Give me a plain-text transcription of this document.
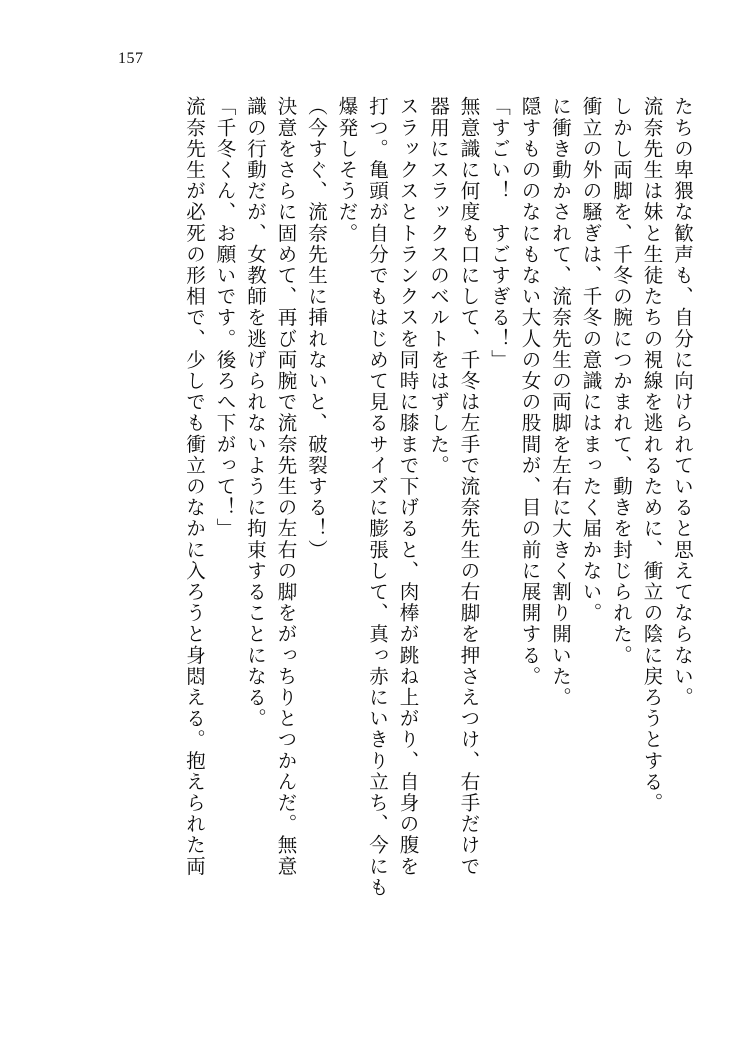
157
たちの卑猥な歓声も、自分に向けられていると思えてならない。
流奈先生は妹と生徒たちの視線を逃れるために、衝立の陰に戻ろうとする。
しかし両脚を、千冬の腕につかまれて、動きを封じられた。
衝立の外の騒ぎは、千冬の意識にはまったく届かない。
に衝き動かされて、流奈先生の両脚を左右に大きく割り開いた。
隠すもののなにもない大人の女の股間が、目の前に展開する。
「すごい！　すごすぎる！」
無意識に何度も口にして、千冬は左手で流奈先生の右脚を押さえつけ、右手だけで
器用にスラックスのベルトをはずした。
スラックスとトランクスを同時に膝まで下げると、肉棒が跳ね上がり、自身の腹を
打つ。亀頭が自分でもはじめて見るサイズに膨張して、真っ赤にいきり立ち、今にも
爆発しそうだ。
（今すぐ、流奈先生に挿れないと、破裂する！）
決意をさらに固めて、再び両腕で流奈先生の左右の脚をがっちりとつかんだ。無意
識の行動だが、女教師を逃げられないように拘束することになる。
「千冬くん、お願いです。後ろへ下がって！」
流奈先生が必死の形相で、少しでも衝立のなかに入ろうと身悶える。抱えられた両
